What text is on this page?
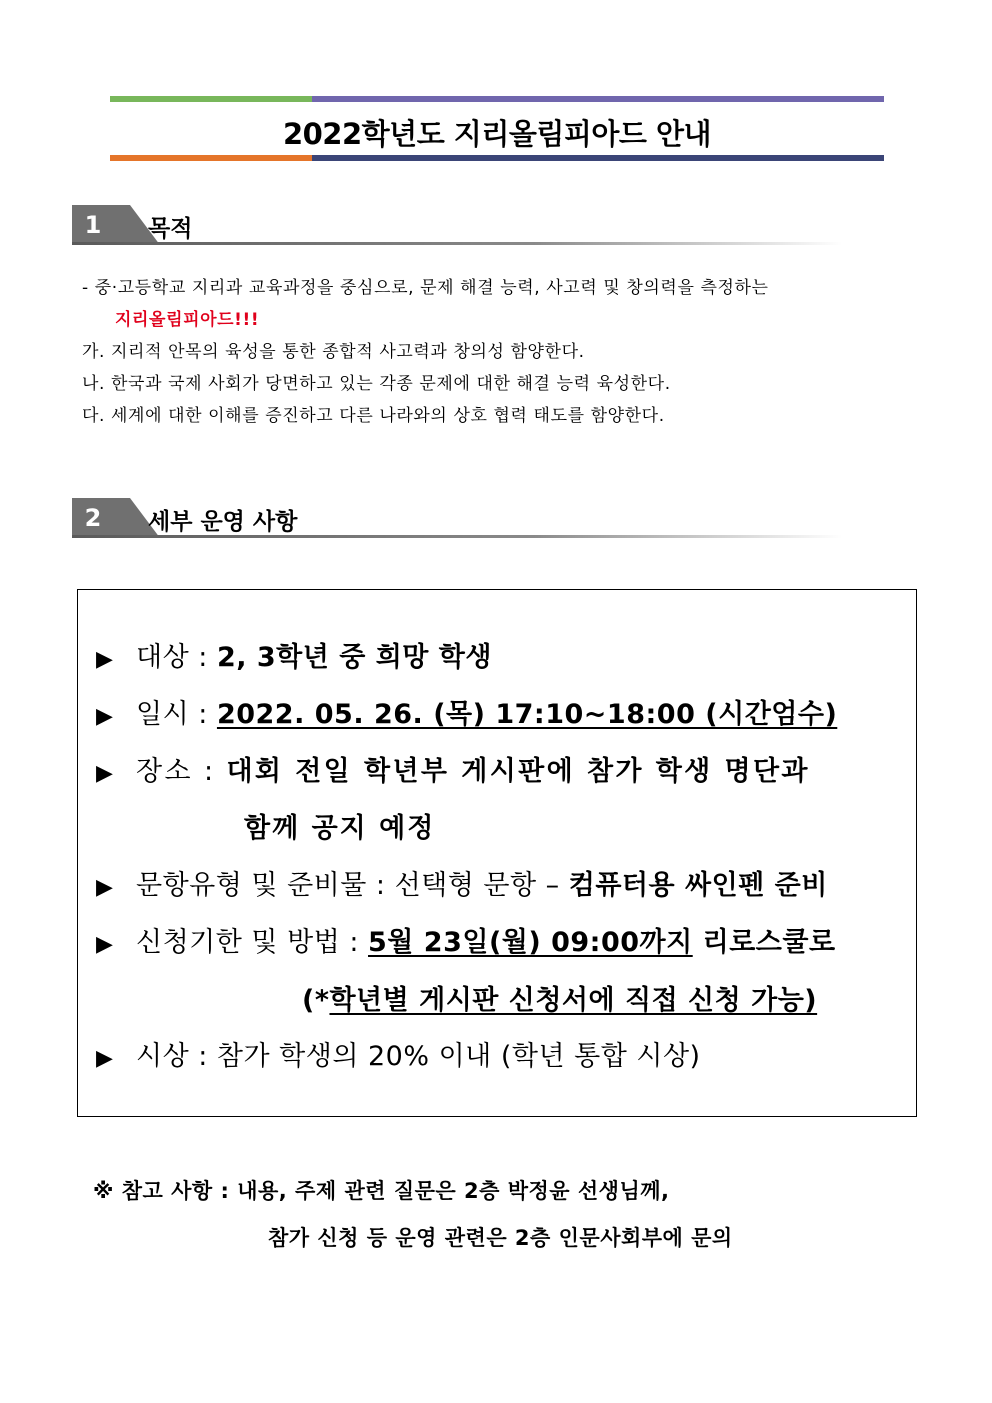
2022학년도 지리올림피아드 안내
1 목적
- 중·고등학교 지리과 교육과정을 중심으로, 문제 해결 능력, 사고력 및 창의력을 측정하는
지리올림피아드!!!
가. 지리적 안목의 육성을 통한 종합적 사고력과 창의성 함양한다.
나. 한국과 국제 사회가 당면하고 있는 각종 문제에 대한 해결 능력 육성한다.
다. 세계에 대한 이해를 증진하고 다른 나라와의 상호 협력 태도를 함양한다.
2 세부 운영 사항
▶ 대상 : 2, 3학년 중 희망 학생
▶ 일시 : 2022. 05. 26. (목) 17:10~18:00 (시간엄수)
▶ 장소 : 대회 전일 학년부 게시판에 참가 학생 명단과
함께 공지 예정
▶ 문항유형 및 준비물 : 선택형 문항 – 컴퓨터용 싸인펜 준비
▶ 신청기한 및 방법 : 5월 23일(월) 09:00까지 리로스쿨로
(*학년별 게시판 신청서에 직접 신청 가능)
▶ 시상 : 참가 학생의 20% 이내 (학년 통합 시상)
※ 참고 사항 : 내용, 주제 관련 질문은 2층 박정윤 선생님께,
참가 신청 등 운영 관련은 2층 인문사회부에 문의
